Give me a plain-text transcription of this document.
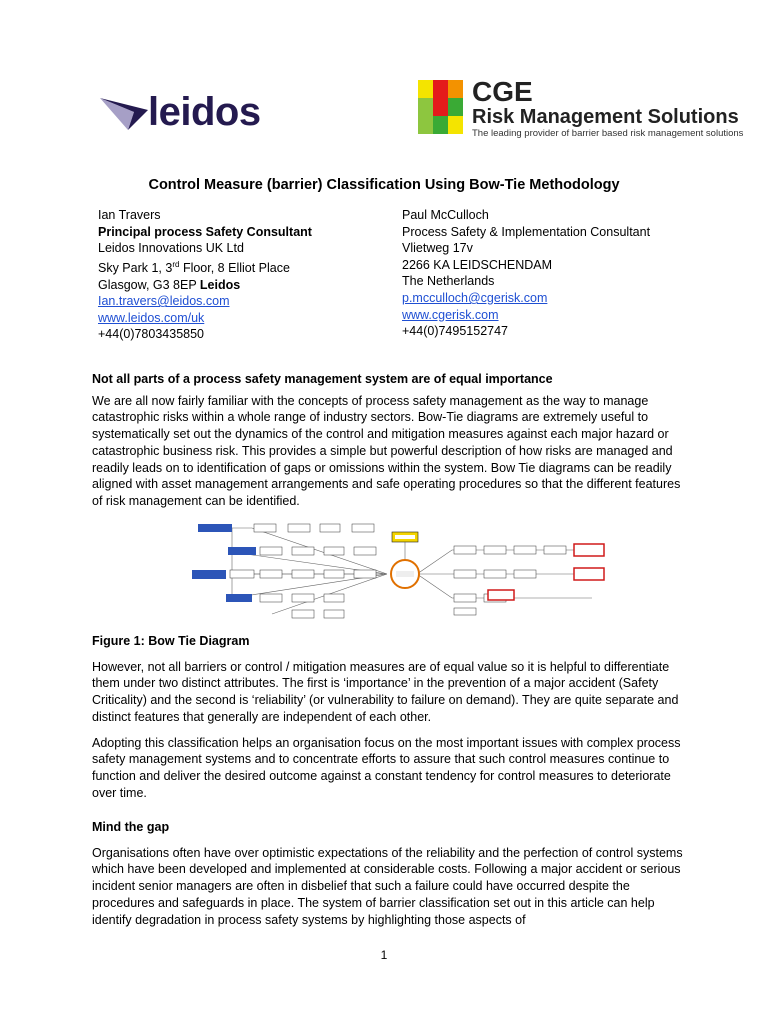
leidos	CGE
Risk Management Solutions
The leading provider of barrier based risk management solutions
Control Measure (barrier) Classification Using Bow-Tie Methodology
Ian Travers
Principal process Safety Consultant
Leidos Innovations UK Ltd
Sky Park 1, 3rd Floor, 8 Elliot Place
Glasgow, G3 8EP Leidos
Ian.travers@leidos.com
www.leidos.com/uk
+44(0)7803435850
Paul McCulloch
Process Safety & Implementation Consultant
Vlietweg 17v
2266 KA LEIDSCHENDAM
The Netherlands
p.mcculloch@cgerisk.com
www.cgerisk.com
+44(0)7495152747

Not all parts of a process safety management system are of equal importance

We are all now fairly familiar with the concepts of process safety management as the way to manage catastrophic risks within a whole range of industry sectors. Bow-Tie diagrams are extremely useful to systematically set out the dynamics of the control and mitigation measures against each major hazard or catastrophic business risk. This provides a simple but powerful description of how risks are managed and readily leads on to identification of gaps or omissions within the system. Bow Tie diagrams can be readily aligned with asset management arrangements and safe operating procedures so that the different features of risk management can be identified.

Figure 1: Bow Tie Diagram

However, not all barriers or control / mitigation measures are of equal value so it is helpful to differentiate them under two distinct attributes. The first is ‘importance’ in the prevention of a major accident (Safety Criticality) and the second is ‘reliability’ (or vulnerability to failure on demand). They are quite separate and distinct features that generally are independent of each other.

Adopting this classification helps an organisation focus on the most important issues with complex process safety management systems and to concentrate efforts to assure that such control measures continue to function and deliver the desired outcome against a constant tendency for control measures to deteriorate over time.

Mind the gap

Organisations often have over optimistic expectations of the reliability and the perfection of control systems which have been developed and implemented at considerable costs. Following a major accident or serious incident senior managers are often in disbelief that such a failure could have occurred despite the procedures and safeguards in place. The system of barrier classification set out in this article can help identify degradation in process safety systems by highlighting those aspects of

1
